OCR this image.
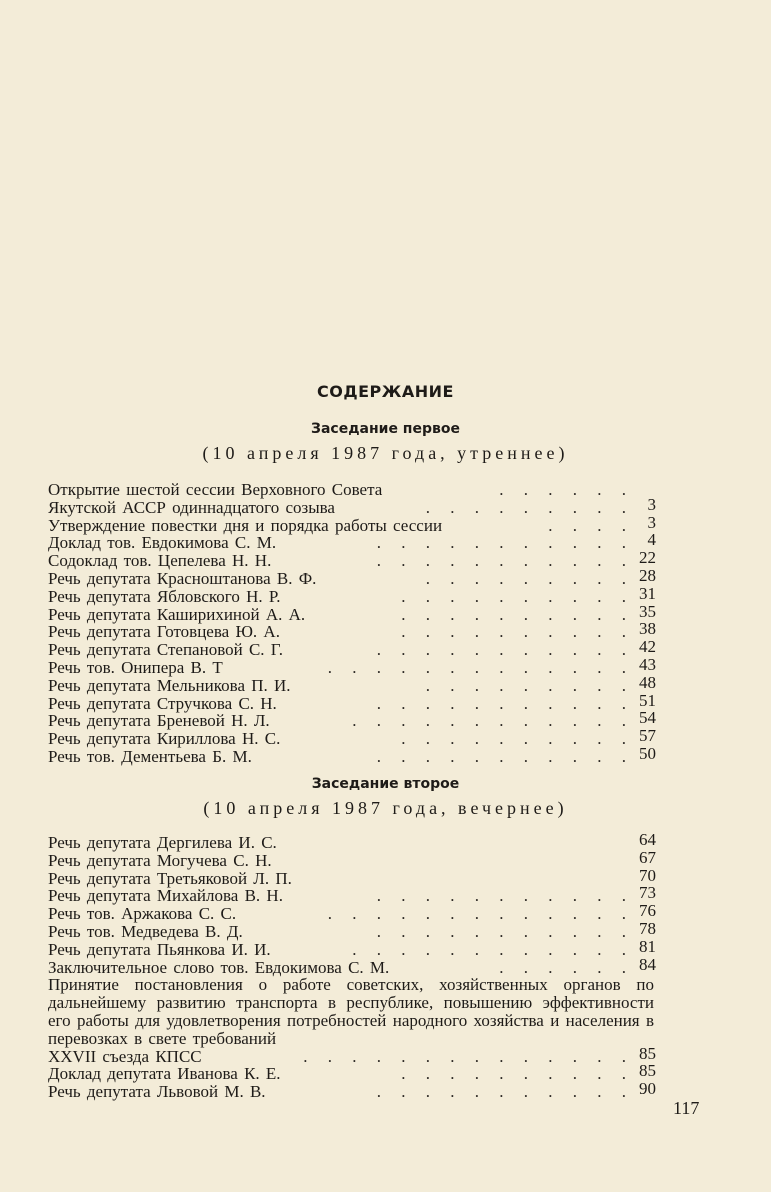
СОДЕРЖАНИЕ
Заседание первое
(10 апреля 1987 года, утреннее)
Открытие шестой сессии Верховного Совета	. . . . . .
Якутской АССР одиннадцатого созыва	. . . . . . . . . 3
Утверждение повестки дня и порядка работы сессии	. . . . 3
Доклад тов. Евдокимова С. М.	. . . . . . . . . . . 4
Содоклад тов. Цепелева Н. Н.	. . . . . . . . . . . 22
Речь депутата Красноштанова В. Ф.	. . . . . . . . . 28
Речь депутата Ябловского Н. Р.	. . . . . . . . . . 31
Речь депутата Каширихиной А. А.	. . . . . . . . . . 35
Речь депутата Готовцева Ю. А.	. . . . . . . . . . 38
Речь депутата Степановой С. Г.	. . . . . . . . . . . 42
Речь тов. Онипера В. Т	. . . . . . . . . . . . . 43
Речь депутата Мельникова П. И.	. . . . . . . . . 48
Речь депутата Стручкова С. Н.	. . . . . . . . . . . 51
Речь депутата Бреневой Н. Л.	. . . . . . . . . . . . 54
Речь депутата Кириллова Н. С.	. . . . . . . . . . 57
Речь тов. Дементьева Б. М.	. . . . . . . . . . . 50
Заседание второе
(10 апреля 1987 года, вечернее)
Речь депутата Дергилева И. С.	64
Речь депутата Могучева С. Н.	67
Речь депутата Третьяковой Л. П.	70
Речь депутата Михайлова В. Н.	. . . . . . . . . . . 73
Речь тов. Аржакова С. С.	. . . . . . . . . . . . . 76
Речь тов. Медведева В. Д.	. . . . . . . . . . . 78
Речь депутата Пьянкова И. И.	. . . . . . . . . . . . 81
Заключительное слово тов. Евдокимова С. М.	. . . . . . 84
Принятие постановления о работе советских, хозяйственных органов по дальнейшему развитию транспорта в республике, повышению эффективности его работы для удовлетворения потребностей народного хозяйства и населения в перевозках в свете требований
XXVII съезда КПСС	. . . . . . . . . . . . . . 85
Доклад депутата Иванова К. Е.	. . . . . . . . . . 85
Речь депутата Львовой М. В.	. . . . . . . . . . . 90
117
